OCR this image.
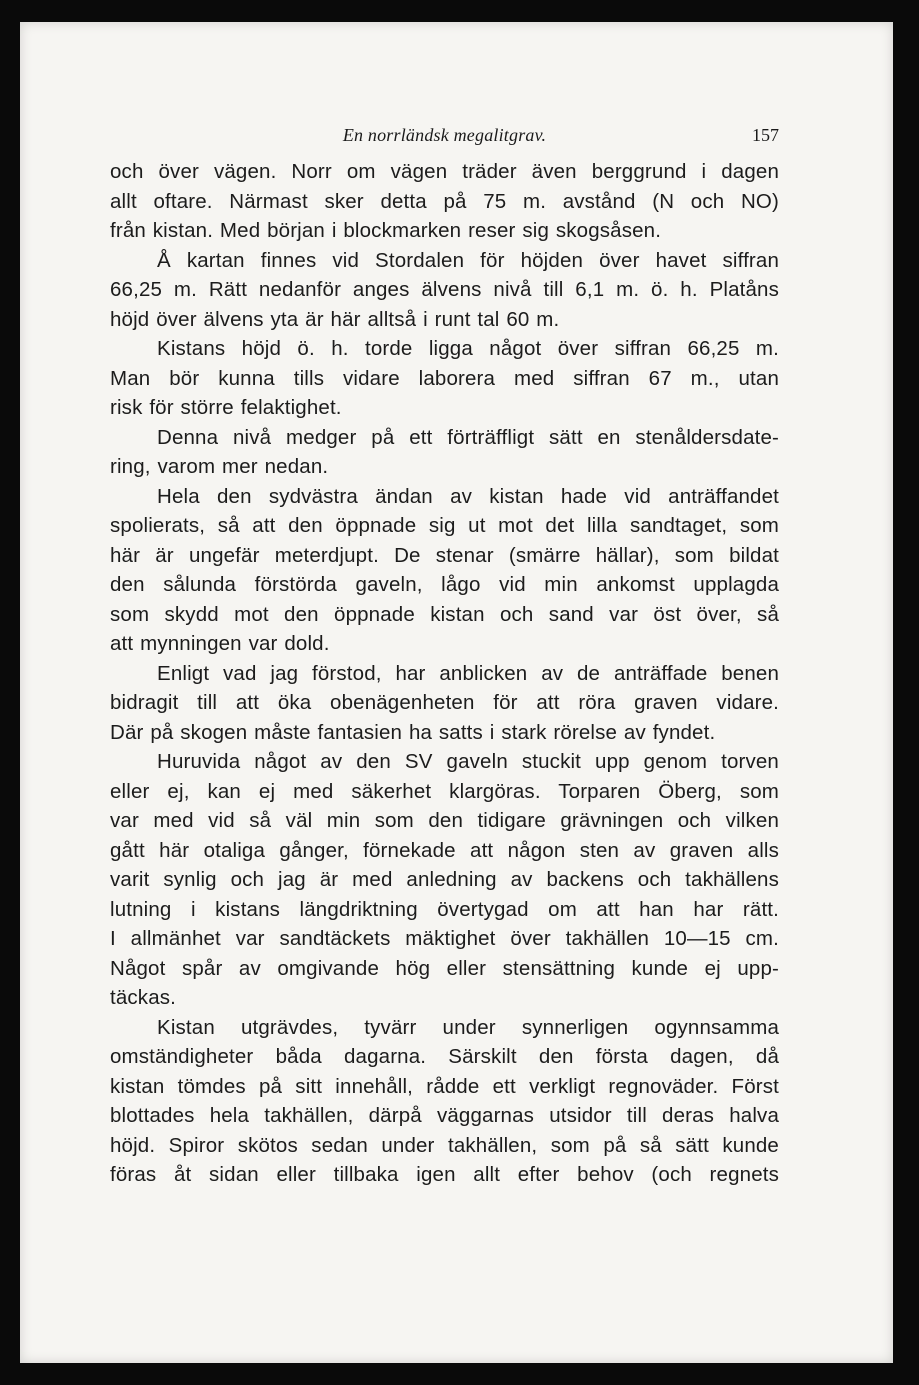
En norrländsk megalitgrav.	157
och över vägen. Norr om vägen träder även berggrund i dagen
allt oftare. Närmast sker detta på 75 m. avstånd (N och NO)
från kistan. Med början i blockmarken reser sig skogsåsen.
Å kartan finnes vid Stordalen för höjden över havet siffran
66,25 m. Rätt nedanför anges älvens nivå till 6,1 m. ö. h. Platåns
höjd över älvens yta är här alltså i runt tal 60 m.
Kistans höjd ö. h. torde ligga något över siffran 66,25 m.
Man bör kunna tills vidare laborera med siffran 67 m., utan
risk för större felaktighet.
Denna nivå medger på ett förträffligt sätt en stenåldersdate-
ring, varom mer nedan.
Hela den sydvästra ändan av kistan hade vid anträffandet
spolierats, så att den öppnade sig ut mot det lilla sandtaget, som
här är ungefär meterdjupt. De stenar (smärre hällar), som bildat
den sålunda förstörda gaveln, lågo vid min ankomst upplagda
som skydd mot den öppnade kistan och sand var öst över, så
att mynningen var dold.
Enligt vad jag förstod, har anblicken av de anträffade benen
bidragit till att öka obenägenheten för att röra graven vidare.
Där på skogen måste fantasien ha satts i stark rörelse av fyndet.
Huruvida något av den SV gaveln stuckit upp genom torven
eller ej, kan ej med säkerhet klargöras. Torparen Öberg, som
var med vid så väl min som den tidigare grävningen och vilken
gått här otaliga gånger, förnekade att någon sten av graven alls
varit synlig och jag är med anledning av backens och takhällens
lutning i kistans längdriktning övertygad om att han har rätt.
I allmänhet var sandtäckets mäktighet över takhällen 10—15 cm.
Något spår av omgivande hög eller stensättning kunde ej upp-
täckas.
Kistan utgrävdes, tyvärr under synnerligen ogynnsamma
omständigheter båda dagarna. Särskilt den första dagen, då
kistan tömdes på sitt innehåll, rådde ett verkligt regnoväder. Först
blottades hela takhällen, därpå väggarnas utsidor till deras halva
höjd. Spiror skötos sedan under takhällen, som på så sätt kunde
föras åt sidan eller tillbaka igen allt efter behov (och regnets
